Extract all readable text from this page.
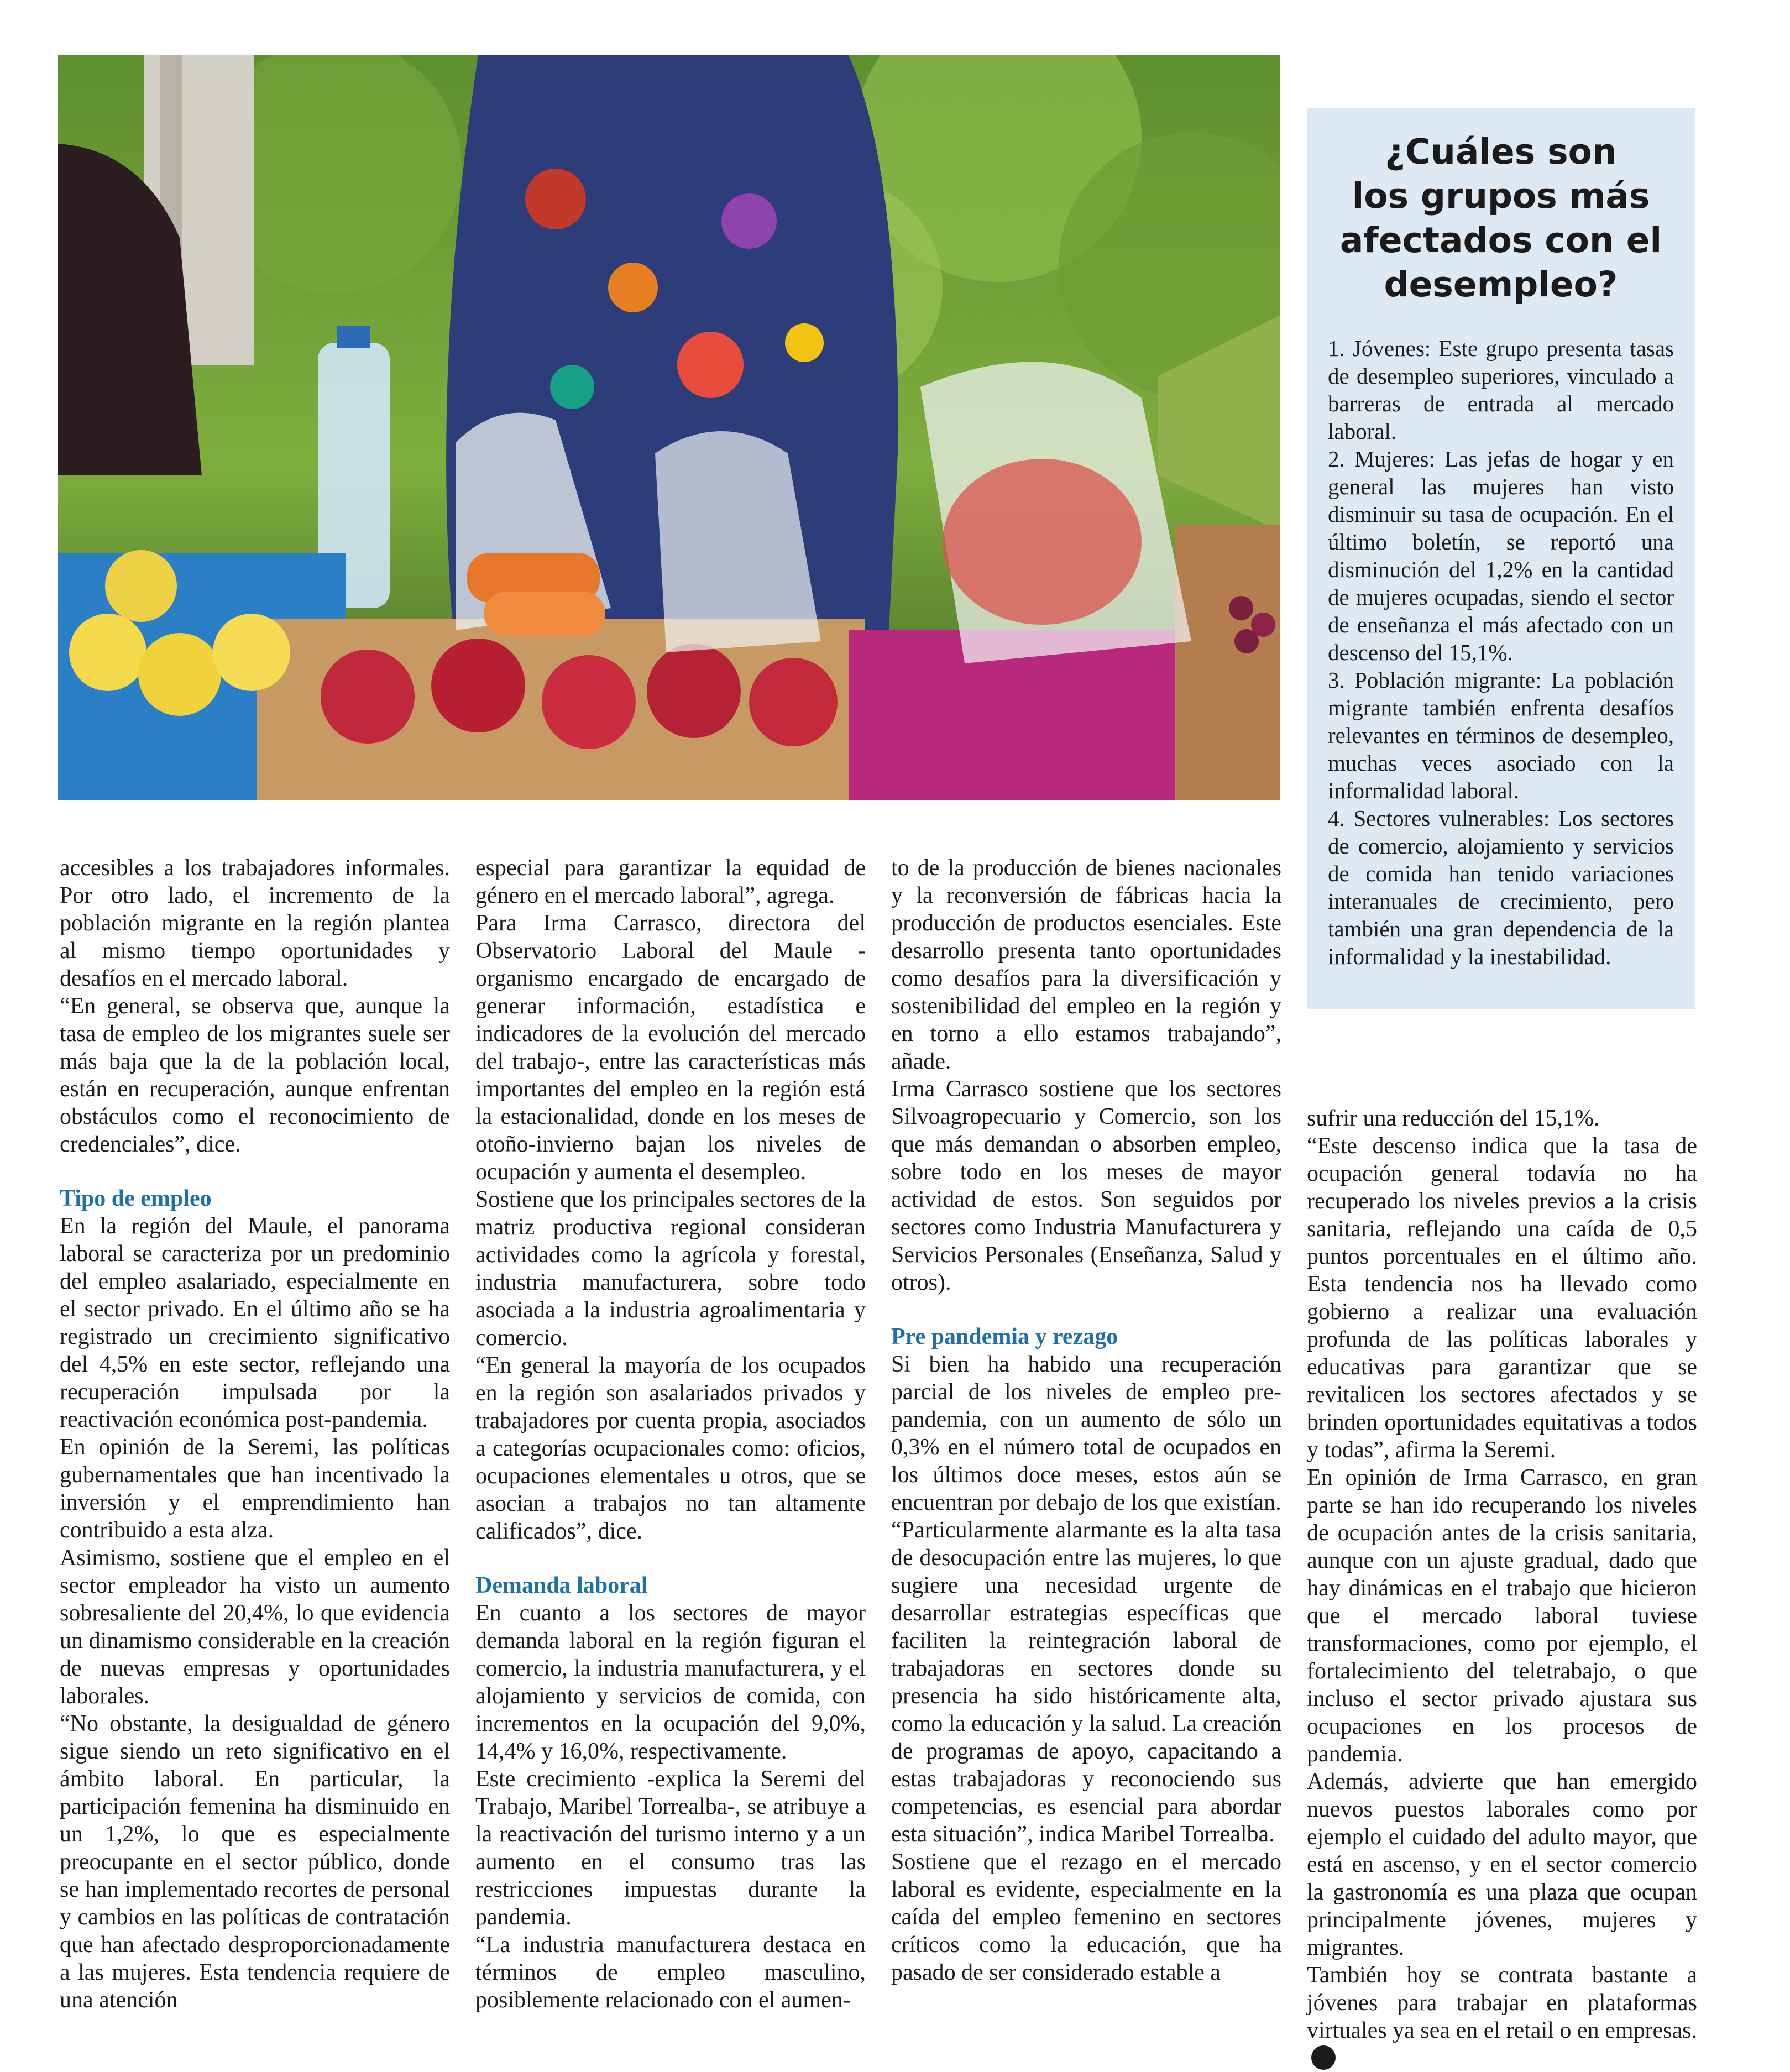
¿Cuáles son
los grupos más
afectados con el
desempleo?

1. Jóvenes: Este grupo presenta tasas de desempleo superiores, vinculado a barreras de entrada al mercado laboral.

2. Mujeres: Las jefas de hogar y en general las mujeres han visto disminuir su tasa de ocupación. En el último boletín, se reportó una disminución del 1,2% en la cantidad de mujeres ocupadas, siendo el sector de enseñanza el más afectado con un descenso del 15,1%.

3. Población migrante: La población migrante también enfrenta desafíos relevantes en términos de desempleo, muchas veces asociado con la informalidad laboral.

4. Sectores vulnerables: Los sectores de comercio, alojamiento y servicios de comida han tenido variaciones interanuales de crecimiento, pero también una gran dependencia de la informalidad y la inestabilidad.

accesibles a los trabajadores informales. Por otro lado, el incremento de la población migrante en la región plantea al mismo tiempo oportunidades y desafíos en el mercado laboral.

“En general, se observa que, aunque la tasa de empleo de los migrantes suele ser más baja que la de la población local, están en recuperación, aunque enfrentan obstáculos como el reconocimiento de credenciales”, dice.

Tipo de empleo

En la región del Maule, el panorama laboral se caracteriza por un predominio del empleo asalariado, especialmente en el sector privado. En el último año se ha registrado un crecimiento significativo del 4,5% en este sector, reflejando una recuperación impulsada por la reactivación económica post-pandemia.

En opinión de la Seremi, las políticas gubernamentales que han incentivado la inversión y el emprendimiento han contribuido a esta alza.

Asimismo, sostiene que el empleo en el sector empleador ha visto un aumento sobresaliente del 20,4%, lo que evidencia un dinamismo considerable en la creación de nuevas empresas y oportunidades laborales.

“No obstante, la desigualdad de género sigue siendo un reto significativo en el ámbito laboral. En particular, la participación femenina ha disminuido en un 1,2%, lo que es especialmente preocupante en el sector público, donde se han implementado recortes de personal y cambios en las políticas de contratación que han afectado desproporcionadamente a las mujeres. Esta tendencia requiere de una atención

especial para garantizar la equidad de género en el mercado laboral”, agrega.

Para Irma Carrasco, directora del Observatorio Laboral del Maule -organismo encargado de encargado de generar información, estadística e indicadores de la evolución del mercado del trabajo-, entre las características más importantes del empleo en la región está la estacionalidad, donde en los meses de otoño-invierno bajan los niveles de ocupación y aumenta el desempleo.

Sostiene que los principales sectores de la matriz productiva regional consideran actividades como la agrícola y forestal, industria manufacturera, sobre todo asociada a la industria agroalimentaria y comercio.

“En general la mayoría de los ocupados en la región son asalariados privados y trabajadores por cuenta propia, asociados a categorías ocupacionales como: oficios, ocupaciones elementales u otros, que se asocian a trabajos no tan altamente calificados”, dice.

Demanda laboral

En cuanto a los sectores de mayor demanda laboral en la región figuran el comercio, la industria manufacturera, y el alojamiento y servicios de comida, con incrementos en la ocupación del 9,0%, 14,4% y 16,0%, respectivamente.

Este crecimiento -explica la Seremi del Trabajo, Maribel Torrealba-, se atribuye a la reactivación del turismo interno y a un aumento en el consumo tras las restricciones impuestas durante la pandemia.

“La industria manufacturera destaca en términos de empleo masculino, posiblemente relacionado con el aumen-

to de la producción de bienes nacionales y la reconversión de fábricas hacia la producción de productos esenciales. Este desarrollo presenta tanto oportunidades como desafíos para la diversificación y sostenibilidad del empleo en la región y en torno a ello estamos trabajando”, añade.

Irma Carrasco sostiene que los sectores Silvoagropecuario y Comercio, son los que más demandan o absorben empleo, sobre todo en los meses de mayor actividad de estos. Son seguidos por sectores como Industria Manufacturera y Servicios Personales (Enseñanza, Salud y otros).

Pre pandemia y rezago

Si bien ha habido una recuperación parcial de los niveles de empleo pre-pandemia, con un aumento de sólo un 0,3% en el número total de ocupados en los últimos doce meses, estos aún se encuentran por debajo de los que existían.

“Particularmente alarmante es la alta tasa de desocupación entre las mujeres, lo que sugiere una necesidad urgente de desarrollar estrategias específicas que faciliten la reintegración laboral de trabajadoras en sectores donde su presencia ha sido históricamente alta, como la educación y la salud. La creación de programas de apoyo, capacitando a estas trabajadoras y reconociendo sus competencias, es esencial para abordar esta situación”, indica Maribel Torrealba.

Sostiene que el rezago en el mercado laboral es evidente, especialmente en la caída del empleo femenino en sectores críticos como la educación, que ha pasado de ser considerado estable a

sufrir una reducción del 15,1%.

“Este descenso indica que la tasa de ocupación general todavía no ha recuperado los niveles previos a la crisis sanitaria, reflejando una caída de 0,5 puntos porcentuales en el último año. Esta tendencia nos ha llevado como gobierno a realizar una evaluación profunda de las políticas laborales y educativas para garantizar que se revitalicen los sectores afectados y se brinden oportunidades equitativas a todos y todas”, afirma la Seremi.

En opinión de Irma Carrasco, en gran parte se han ido recuperando los niveles de ocupación antes de la crisis sanitaria, aunque con un ajuste gradual, dado que hay dinámicas en el trabajo que hicieron que el mercado laboral tuviese transformaciones, como por ejemplo, el fortalecimiento del teletrabajo, o que incluso el sector privado ajustara sus ocupaciones en los procesos de pandemia.

Además, advierte que han emergido nuevos puestos laborales como por ejemplo el cuidado del adulto mayor, que está en ascenso, y en el sector comercio la gastronomía es una plaza que ocupan principalmente jóvenes, mujeres y migrantes.

También hoy se contrata bastante a jóvenes para trabajar en plataformas virtuales ya sea en el retail o en empresas.
